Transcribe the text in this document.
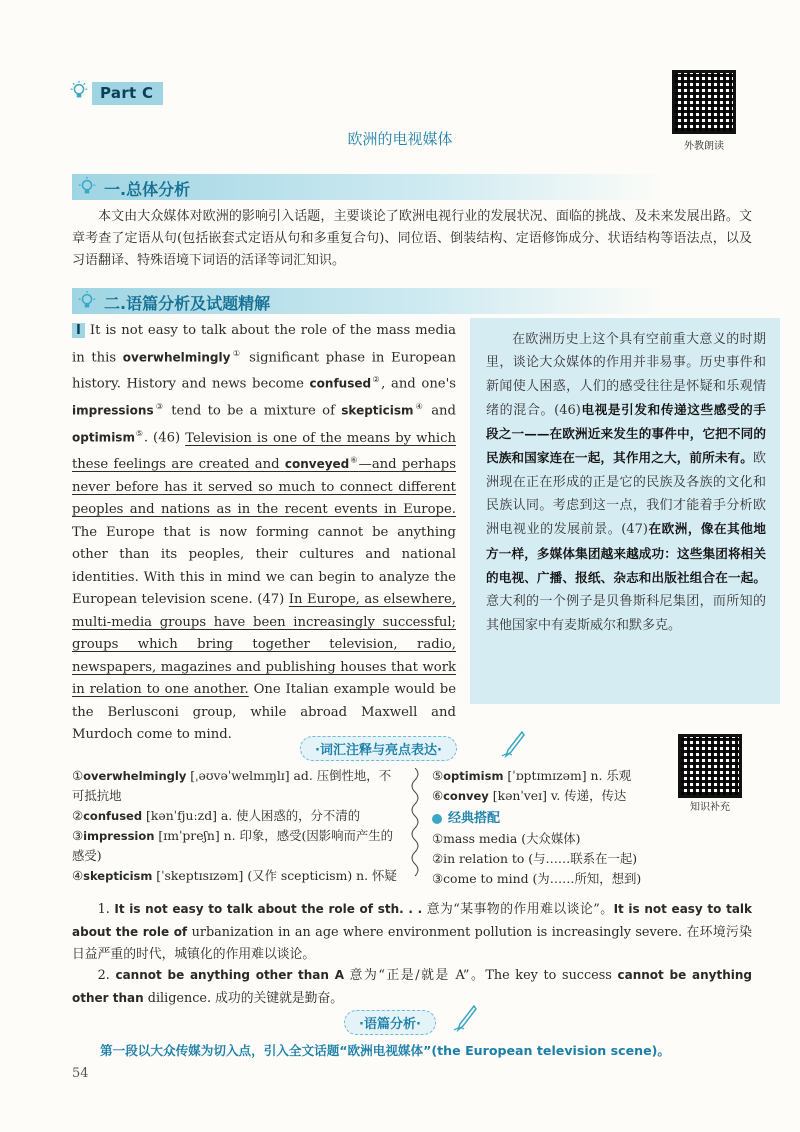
Part C
欧洲的电视媒体	外教朗读
一.总体分析
本文由大众媒体对欧洲的影响引入话题，主要谈论了欧洲电视行业的发展状况、面临的挑战、及未来发展出路。文章考查了定语从句(包括嵌套式定语从句和多重复合句)、同位语、倒装结构、定语修饰成分、状语结构等语法点，以及习语翻译、特殊语境下词语的活译等词汇知识。
二.语篇分析及试题精解
I It is not easy to talk about the role of the mass media in this overwhelmingly① significant phase in European history. History and news become confused②, and one's impressions③ tend to be a mixture of skepticism④ and optimism⑤. (46) Television is one of the means by which these feelings are created and conveyed⑥—and perhaps never before has it served so much to connect different peoples and nations as in the recent events in Europe. The Europe that is now forming cannot be anything other than its peoples, their cultures and national identities. With this in mind we can begin to analyze the European television scene. (47) In Europe, as elsewhere, multi-media groups have been increasingly successful; groups which bring together television, radio, newspapers, magazines and publishing houses that work in relation to one another. One Italian example would be the Berlusconi group, while abroad Maxwell and Murdoch come to mind.
在欧洲历史上这个具有空前重大意义的时期里，谈论大众媒体的作用并非易事。历史事件和新闻使人困惑，人们的感受往往是怀疑和乐观情绪的混合。(46)电视是引发和传递这些感受的手段之一——在欧洲近来发生的事件中，它把不同的民族和国家连在一起，其作用之大，前所未有。欧洲现在正在形成的正是它的民族及各族的文化和民族认同。考虑到这一点，我们才能着手分析欧洲电视业的发展前景。(47)在欧洲，像在其他地方一样，多媒体集团越来越成功：这些集团将相关的电视、广播、报纸、杂志和出版社组合在一起。意大利的一个例子是贝鲁斯科尼集团，而所知的其他国家中有麦斯威尔和默多克。
·词汇注释与亮点表达·
知识补充
①overwhelmingly [ˌəʊvəˈwelmɪŋlɪ] ad. 压倒性地，不可抵抗地
②confused [kənˈfjuːzd] a. 使人困惑的，分不清的
③impression [ɪmˈpreʃn] n. 印象，感受(因影响而产生的感受)
④skepticism [ˈskeptɪsɪzəm] (又作 scepticism) n. 怀疑
⑤optimism [ˈɒptɪmɪzəm] n. 乐观
⑥convey [kənˈveɪ] v. 传递，传达
经典搭配
①mass media (大众媒体)
②in relation to (与……联系在一起)
③come to mind (为……所知，想到)
1. It is not easy to talk about the role of sth. . . 意为“某事物的作用难以谈论”。It is not easy to talk about the role of urbanization in an age where environment pollution is increasingly severe. 在环境污染日益严重的时代，城镇化的作用难以谈论。
2. cannot be anything other than A 意为“正是/就是 A”。The key to success cannot be anything other than diligence. 成功的关键就是勤奋。
·语篇分析·
第一段以大众传媒为切入点，引入全文话题“欧洲电视媒体”(the European television scene)。
54
